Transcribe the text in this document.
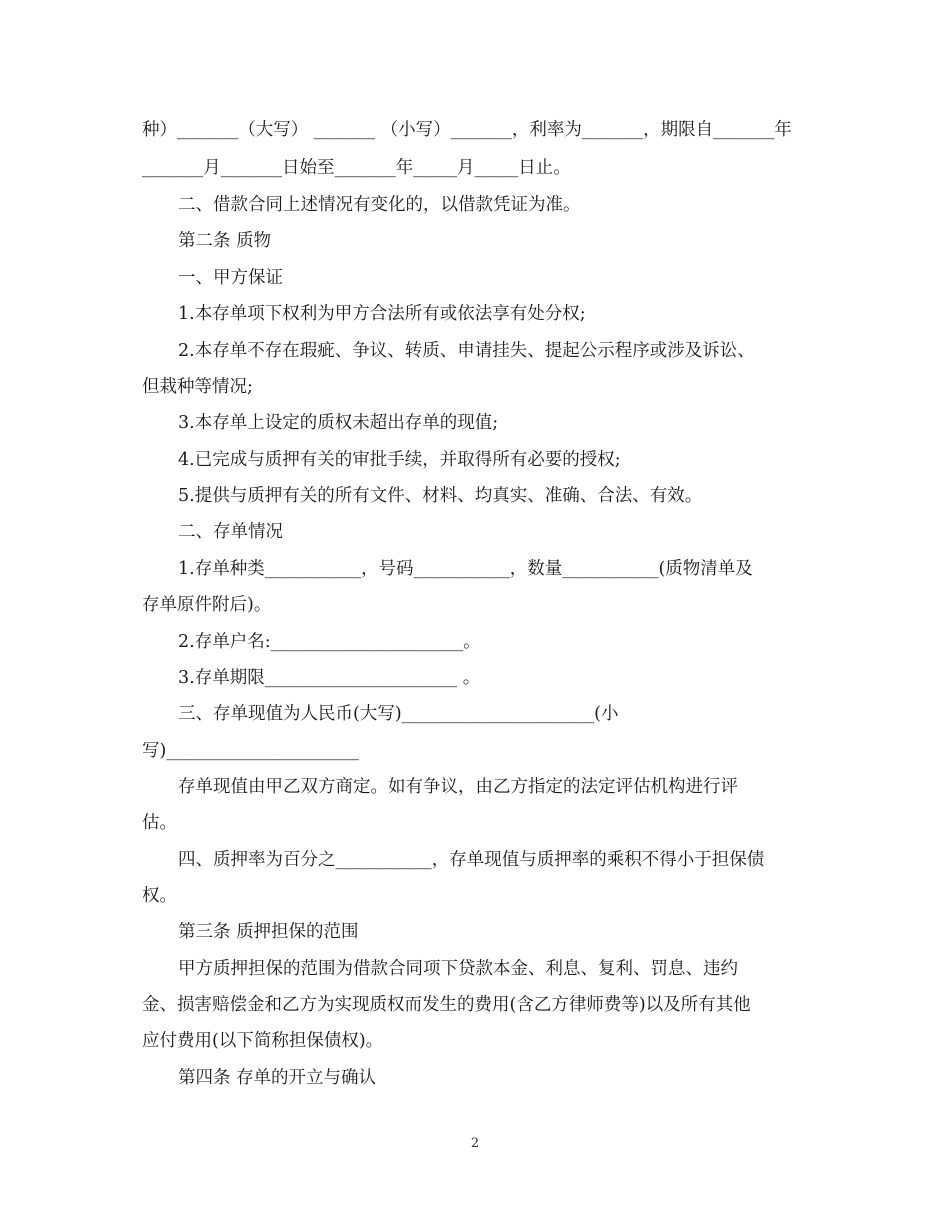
种）_______（大写） _______ （小写）_______，利率为_______，期限自_______年
_______月_______日始至_______年_____月_____日止。
二、借款合同上述情况有变化的，以借款凭证为准。
第二条 质物
一、甲方保证
1.本存单项下权利为甲方合法所有或依法享有处分权;
2.本存单不存在瑕疵、争议、转质、申请挂失、提起公示程序或涉及诉讼、
但栽种等情况;
3.本存单上设定的质权未超出存单的现值;
4.已完成与质押有关的审批手续，并取得所有必要的授权;
5.提供与质押有关的所有文件、材料、均真实、准确、合法、有效。
二、存单情况
1.存单种类___________，号码___________，数量___________(质物清单及
存单原件附后)。
2.存单户名:______________________。
3.存单期限______________________ 。
三、存单现值为人民币(大写)______________________(小
写)______________________
存单现值由甲乙双方商定。如有争议，由乙方指定的法定评估机构进行评
估。
四、质押率为百分之___________，存单现值与质押率的乘积不得小于担保债
权。
第三条 质押担保的范围
甲方质押担保的范围为借款合同项下贷款本金、利息、复利、罚息、违约
金、损害赔偿金和乙方为实现质权而发生的费用(含乙方律师费等)以及所有其他
应付费用(以下简称担保债权)。
第四条 存单的开立与确认
2
